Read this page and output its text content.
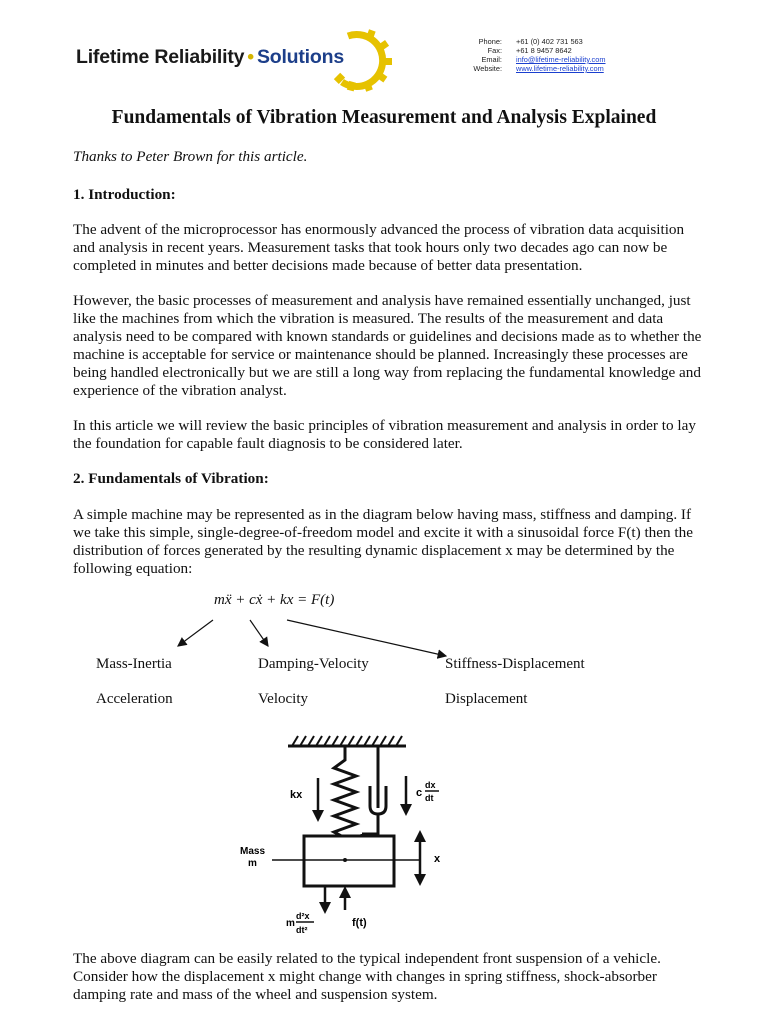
Lifetime Reliability • Solutions
Phone:	+61 (0) 402 731 563
Fax:	+61 8 9457 8642
Email:	info@lifetime-reliability.com
Website:	www.lifetime-reliability.com
Fundamentals of Vibration Measurement and Analysis Explained
Thanks to Peter Brown for this article.
1. Introduction:
The advent of the microprocessor has enormously advanced the process of vibration data acquisition and analysis in recent years. Measurement tasks that took hours only two decades ago can now be completed in minutes and better decisions made because of better data presentation.
However, the basic processes of measurement and analysis have remained essentially unchanged, just like the machines from which the vibration is measured. The results of the measurement and data analysis need to be compared with known standards or guidelines and decisions made as to whether the machine is acceptable for service or maintenance should be planned. Increasingly these processes are being handled electronically but we are still a long way from replacing the fundamental knowledge and experience of the vibration analyst.
In this article we will review the basic principles of vibration measurement and analysis in order to lay the foundation for capable fault diagnosis to be considered later.
2. Fundamentals of Vibration:
A simple machine may be represented as in the diagram below having mass, stiffness and damping. If we take this simple, single-degree-of-freedom model and excite it with a sinusoidal force F(t) then the distribution of forces generated by the resulting dynamic displacement x may be determined by the following equation:
mẍ + cẋ + kx = F(t)
Mass-Inertia	Damping-Velocity	Stiffness-Displacement
Acceleration	Velocity	Displacement
kx	c
dx
dt
Mass
m	x
m
d²x
dt²
f(t)
The above diagram can be easily related to the typical independent front suspension of a vehicle. Consider how the displacement x might change with changes in spring stiffness, shock-absorber damping rate and mass of the wheel and suspension system.
